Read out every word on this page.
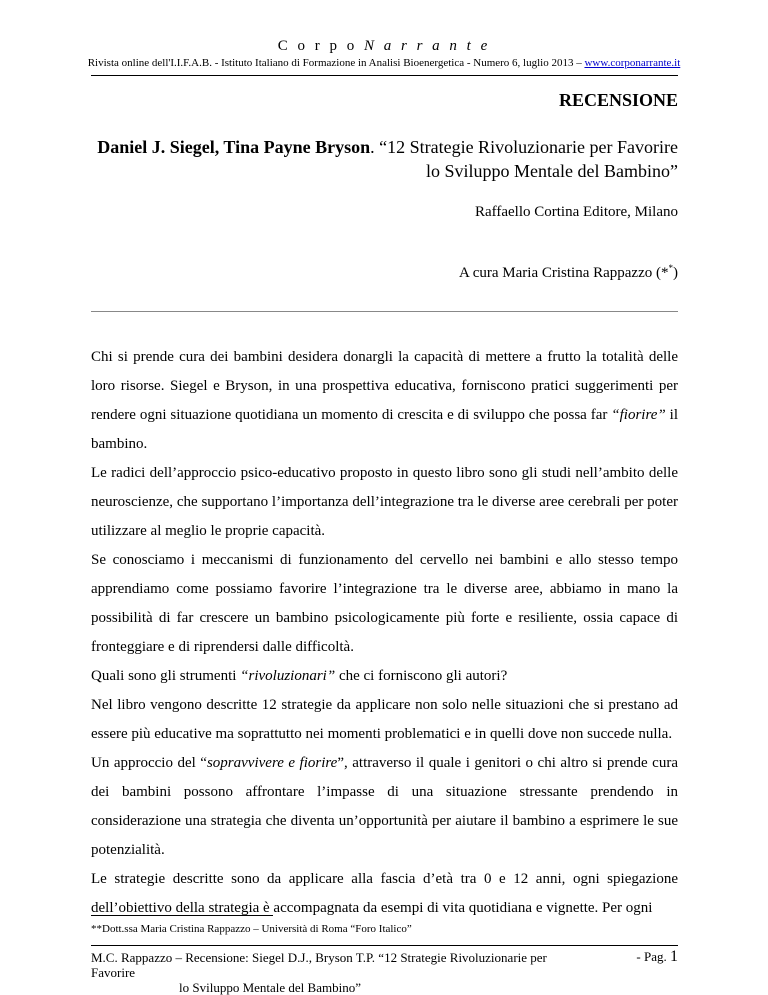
C o r p o N a r r a n t e
Rivista online dell'I.I.F.A.B. - Istituto Italiano di Formazione in Analisi Bioenergetica - Numero 6, luglio 2013 – www.corponarrante.it
RECENSIONE
Daniel J. Siegel, Tina Payne Bryson. “12 Strategie Rivoluzionarie per Favorire lo Sviluppo Mentale del Bambino”
Raffaello Cortina Editore, Milano
A cura Maria Cristina Rappazzo (**)

Chi si prende cura dei bambini desidera donargli la capacità di mettere a frutto la totalità delle loro risorse. Siegel e Bryson, in una prospettiva educativa, forniscono pratici suggerimenti per rendere ogni situazione quotidiana un momento di crescita e di sviluppo che possa far “fiorire” il bambino.

Le radici dell’approccio psico-educativo proposto in questo libro sono gli studi nell’ambito delle neuroscienze, che supportano l’importanza dell’integrazione tra le diverse aree cerebrali per poter utilizzare al meglio le proprie capacità.

Se conosciamo i meccanismi di funzionamento del cervello nei bambini e allo stesso tempo apprendiamo come possiamo favorire l’integrazione tra le diverse aree, abbiamo in mano la possibilità di far crescere un bambino psicologicamente più forte e resiliente, ossia capace di fronteggiare e di riprendersi dalle difficoltà.

Quali sono gli strumenti “rivoluzionari” che ci forniscono gli autori?

Nel libro vengono descritte 12 strategie da applicare non solo nelle situazioni che si prestano ad essere più educative ma soprattutto nei momenti problematici e in quelli dove non succede nulla.

Un approccio del “sopravvivere e fiorire”, attraverso il quale i genitori o chi altro si prende cura dei bambini possono affrontare l’impasse di una situazione stressante prendendo in considerazione una strategia che diventa un’opportunità per aiutare il bambino a esprimere le sue potenzialità.

Le strategie descritte sono da applicare alla fascia d’età tra 0 e 12 anni, ogni spiegazione dell’obiettivo della strategia è accompagnata da esempi di vita quotidiana e vignette. Per ogni

**Dott.ssa Maria Cristina Rappazzo – Università di Roma “Foro Italico”
M.C. Rappazzo – Recensione: Siegel D.J., Bryson T.P. “12 Strategie Rivoluzionarie per Favorire
lo Sviluppo Mentale del Bambino”
- Pag. 1
